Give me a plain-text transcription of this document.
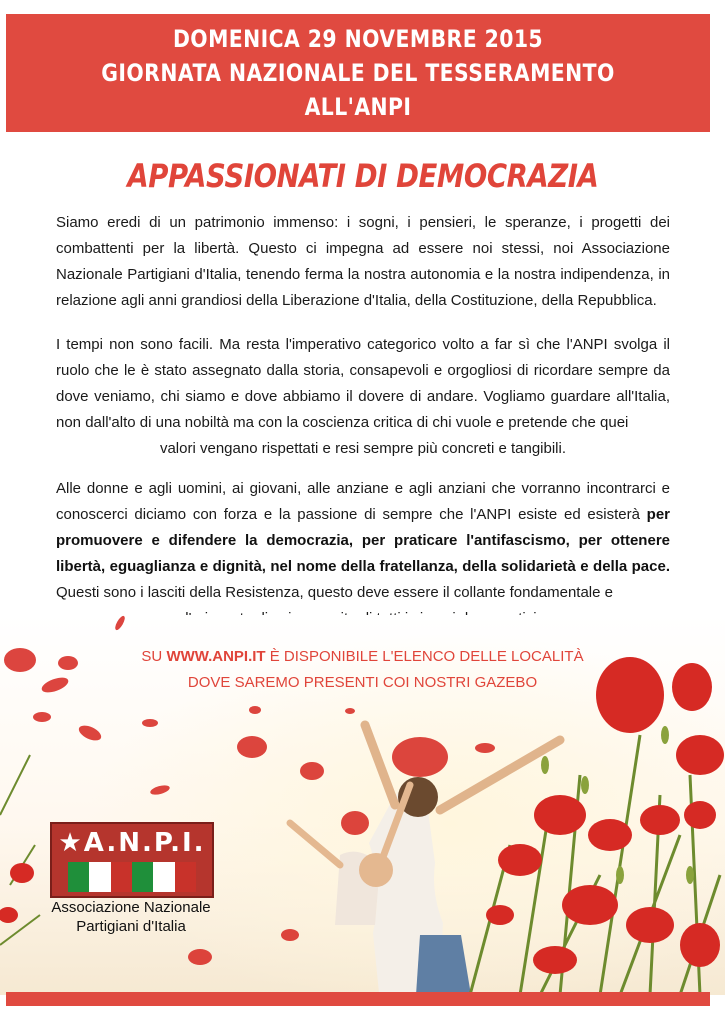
DOMENICA 29 NOVEMBRE 2015
GIORNATA NAZIONALE DEL TESSERAMENTO ALL'ANPI
APPASSIONATI DI DEMOCRAZIA
Siamo eredi di un patrimonio immenso: i sogni, i pensieri, le speranze, i progetti dei combattenti per la libertà. Questo ci impegna ad essere noi stessi, noi Associazione Nazionale Partigiani d'Italia, tenendo ferma la nostra autonomia e la nostra indipendenza, in relazione agli anni grandiosi della Liberazione d'Italia, della Costituzione, della Repubblica.
I tempi non sono facili. Ma resta l'imperativo categorico volto a far sì che l'ANPI svolga il ruolo che le è stato assegnato dalla storia, consapevoli e orgogliosi di ricordare sempre da dove veniamo, chi siamo e dove abbiamo il dovere di andare. Vogliamo guardare all'Italia, non dall'alto di una nobiltà ma con la coscienza critica di chi vuole e pretende che quei
valori vengano rispettati e resi sempre più concreti e tangibili.
Alle donne e agli uomini, ai giovani, alle anziane e agli anziani che vorranno incontrarci e conoscerci diciamo con forza e la passione di sempre che l'ANPI esiste ed esisterà per promuovere e difendere la democrazia, per praticare l'antifascismo, per ottenere libertà, eguaglianza e dignità, nel nome della fratellanza, della solidarietà e della pace. Questi sono i lasciti della Resistenza, questo deve essere il collante fondamentale e
SU WWW.ANPI.IT È DISPONIBILE L'ELENCO DELLE LOCALITÀ
DOVE SAREMO PRESENTI COI NOSTRI GAZEBO
★A.N.P.I.
Associazione Nazionale
Partigiani d'Italia
